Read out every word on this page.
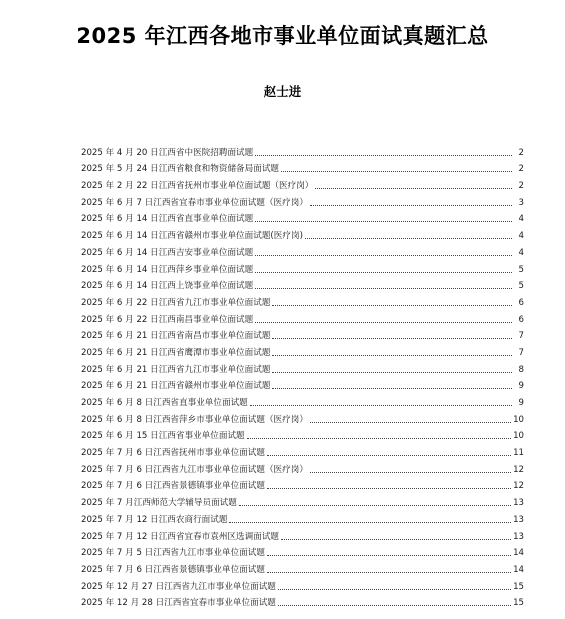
2025 年江西各地市事业单位面试真题汇总
赵士进
2025 年 4 月 20 日江西省中医院招聘面试题	2
2025 年 5 月 24 日江西省粮食和物资储备局面试题	2
2025 年 2 月 22 日江西省抚州市事业单位面试题（医疗岗）	2
2025 年 6 月 7 日江西省宜春市事业单位面试题（医疗岗）	3
2025 年 6 月 14 日江西省直事业单位面试题	4
2025 年 6 月 14 日江西省赣州市事业单位面试题(医疗岗)	4
2025 年 6 月 14 日江西吉安事业单位面试题	4
2025 年 6 月 14 日江西萍乡事业单位面试题	5
2025 年 6 月 14 日江西上饶事业单位面试题	5
2025 年 6 月 22 日江西省九江市事业单位面试题	6
2025 年 6 月 22 日江西南昌事业单位面试题	6
2025 年 6 月 21 日江西省南昌市事业单位面试题	7
2025 年 6 月 21 日江西省鹰潭市事业单位面试题	7
2025 年 6 月 21 日江西省九江市事业单位面试题	8
2025 年 6 月 21 日江西省赣州市事业单位面试题	9
2025 年 6 月 8 日江西省直事业单位面试题	9
2025 年 6 月 8 日江西省萍乡市事业单位面试题（医疗岗）	10
2025 年 6 月 15 日江西省事业单位面试题	10
2025 年 7 月 6 日江西省抚州市事业单位面试题	11
2025 年 7 月 6 日江西省九江市事业单位面试题（医疗岗）	12
2025 年 7 月 6 日江西省景德镇事业单位面试题	12
2025 年 7 月江西师范大学辅导员面试题	13
2025 年 7 月 12 日江西农商行面试题	13
2025 年 7 月 12 日江西省宜春市袁州区选调面试题	13
2025 年 7 月 5 日江西省九江市事业单位面试题	14
2025 年 7 月 6 日江西省景德镇事业单位面试题	14
2025 年 12 月 27 日江西省九江市事业单位面试题	15
2025 年 12 月 28 日江西省宜春市事业单位面试题	15
